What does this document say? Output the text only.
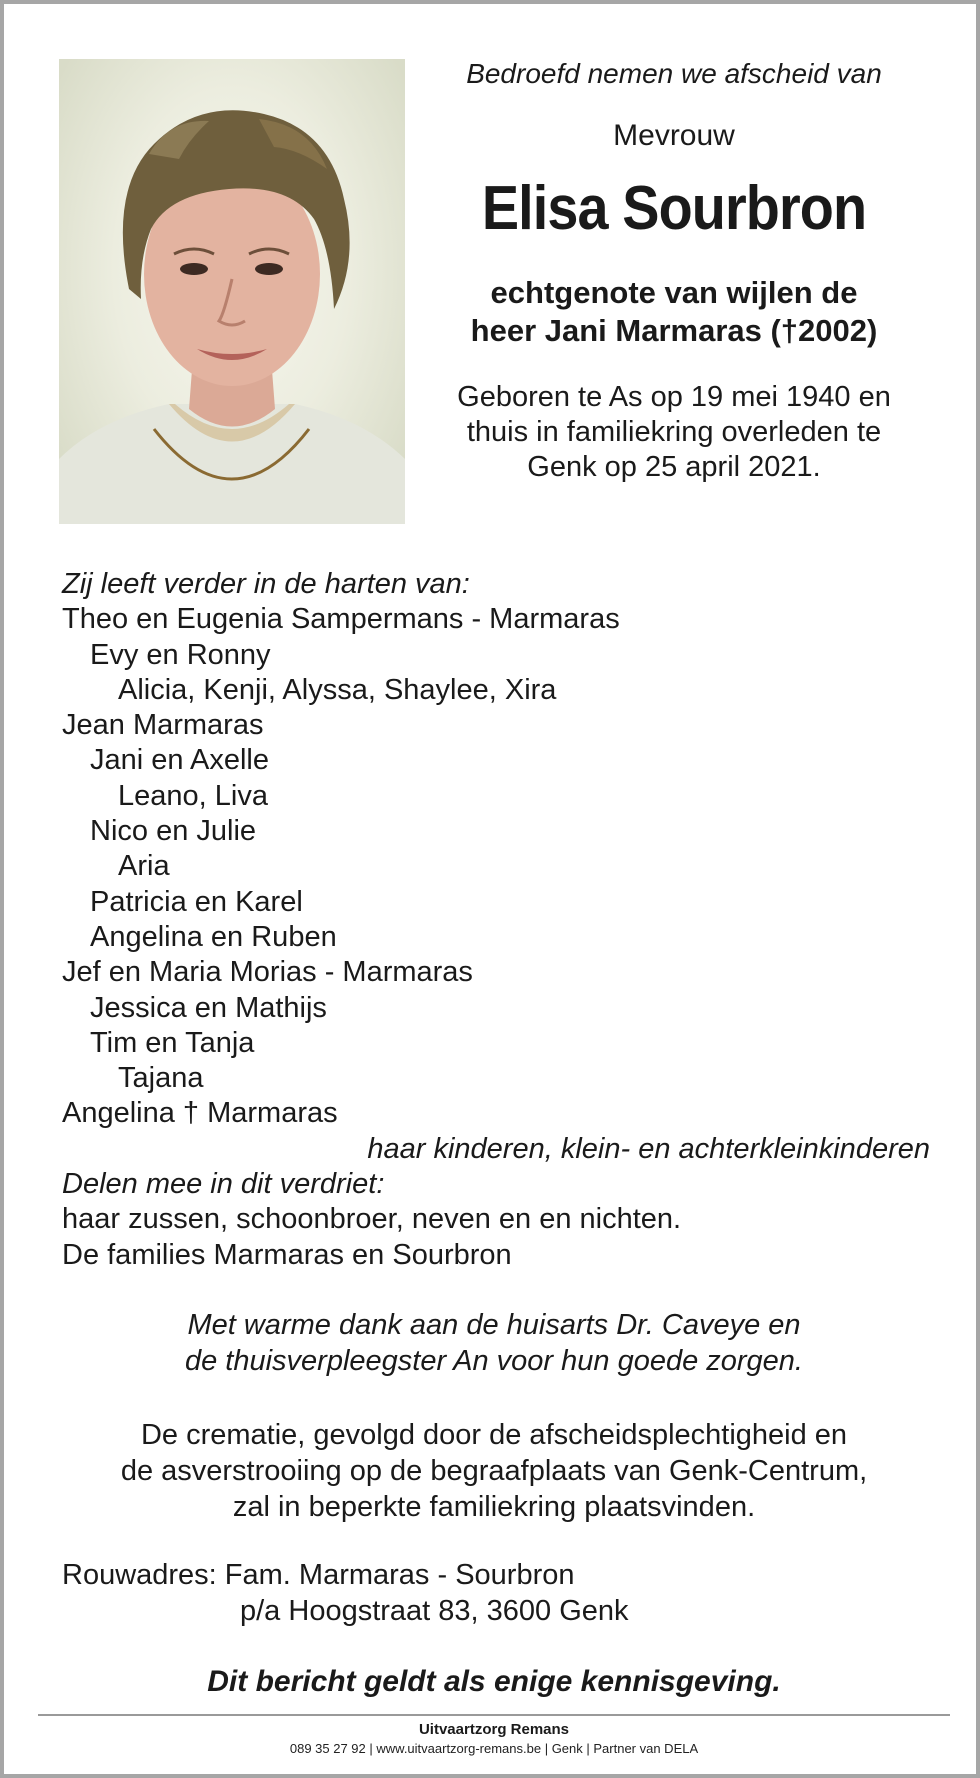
Bedroefd nemen we afscheid van

Mevrouw

Elisa Sourbron

echtgenote van wijlen de
heer Jani Marmaras (†2002)

Geboren te As op 19 mei 1940 en
thuis in familiekring overleden te
Genk op 25 april 2021.

Zij leeft verder in de harten van:
Theo en Eugenia Sampermans - Marmaras
Evy en Ronny
Alicia, Kenji, Alyssa, Shaylee, Xira
Jean Marmaras
Jani en Axelle
Leano, Liva
Nico en Julie
Aria
Patricia en Karel
Angelina en Ruben
Jef en Maria Morias - Marmaras
Jessica en Mathijs
Tim en Tanja
Tajana
Angelina † Marmaras
haar kinderen, klein- en achterkleinkinderen
Delen mee in dit verdriet:
haar zussen, schoonbroer, neven en en nichten.
De families Marmaras en Sourbron
Met warme dank aan de huisarts Dr. Caveye en
de thuisverpleegster An voor hun goede zorgen.
De crematie, gevolgd door de afscheidsplechtigheid en
de asverstrooiing op de begraafplaats van Genk-Centrum,
zal in beperkte familiekring plaatsvinden.
Rouwadres: Fam. Marmaras - Sourbron
p/a Hoogstraat 83, 3600 Genk
Dit bericht geldt als enige kennisgeving.
Uitvaartzorg Remans
089 35 27 92 | www.uitvaartzorg-remans.be | Genk | Partner van DELA
